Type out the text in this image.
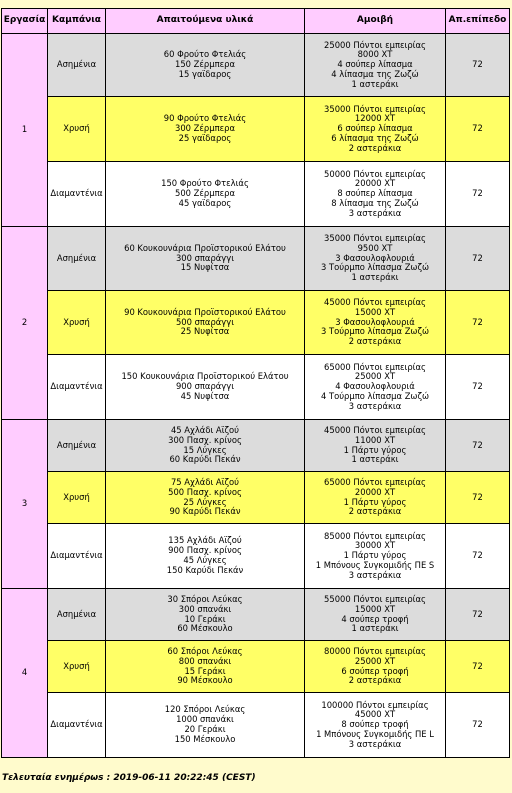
Εργασία	Καμπάνια	Απαιτούμενα υλικά	Αμοιβή	Απ.επίπεδο
1	Ασημένια	60 Φρούτο Φτελιάς
150 Ζέρμπερα
15 γαϊδαρος	25000 Πόντοι εμπειρίας
8000 ΧΤ
4 σούπερ λίπασμα
4 λίπασμα της Ζωζώ
1 αστεράκι	72
	Χρυσή	90 Φρούτο Φτελιάς
300 Ζέρμπερα
25 γαϊδαρος	35000 Πόντοι εμπειρίας
12000 ΧΤ
6 σούπερ λίπασμα
6 λίπασμα της Ζωζώ
2 αστεράκια	72
	Διαμαντένια	150 Φρούτο Φτελιάς
500 Ζέρμπερα
45 γαϊδαρος	50000 Πόντοι εμπειρίας
20000 ΧΤ
8 σούπερ λίπασμα
8 λίπασμα της Ζωζώ
3 αστεράκια	72
2	Ασημένια	60 Κουκουνάρια Προϊστορικού Ελάτου
300 σπαράγγι
15 Νυφίτσα	35000 Πόντοι εμπειρίας
9500 ΧΤ
3 Φασουλοφλουριά
3 Τούρμπο λίπασμα Ζωζώ
1 αστεράκι	72
	Χρυσή	90 Κουκουνάρια Προϊστορικού Ελάτου
500 σπαράγγι
25 Νυφίτσα	45000 Πόντοι εμπειρίας
15000 ΧΤ
3 Φασουλοφλουριά
3 Τούρμπο λίπασμα Ζωζώ
2 αστεράκια	72
	Διαμαντένια	150 Κουκουνάρια Προϊστορικού Ελάτου
900 σπαράγγι
45 Νυφίτσα	65000 Πόντοι εμπειρίας
25000 ΧΤ
4 Φασουλοφλουριά
4 Τούρμπο λίπασμα Ζωζώ
3 αστεράκια	72
3	Ασημένια	45 Αχλάδι Αϊζού
300 Πασχ. κρίνος
15 Λύγκες
60 Καρύδι Πεκάν	45000 Πόντοι εμπειρίας
11000 ΧΤ
1 Πάρτυ γύρος
1 αστεράκι	72
	Χρυσή	75 Αχλάδι Αϊζού
500 Πασχ. κρίνος
25 Λύγκες
90 Καρύδι Πεκάν	65000 Πόντοι εμπειρίας
20000 ΧΤ
1 Πάρτυ γύρος
2 αστεράκια	72
	Διαμαντένια	135 Αχλάδι Αϊζού
900 Πασχ. κρίνος
45 Λύγκες
150 Καρύδι Πεκάν	85000 Πόντοι εμπειρίας
30000 ΧΤ
1 Πάρτυ γύρος
1 Μπόνους Συγκομιδής ΠΕ S
3 αστεράκια	72
4	Ασημένια	30 Σπόροι Λεύκας
300 σπανάκι
10 Γεράκι
60 Μέσκουλο	55000 Πόντοι εμπειρίας
15000 ΧΤ
4 σούπερ τροφή
1 αστεράκι	72
	Χρυσή	60 Σπόροι Λεύκας
800 σπανάκι
15 Γεράκι
90 Μέσκουλο	80000 Πόντοι εμπειρίας
25000 ΧΤ
6 σούπερ τροφή
2 αστεράκια	72
	Διαμαντένια	120 Σπόροι Λεύκας
1000 σπανάκι
20 Γεράκι
150 Μέσκουλο	100000 Πόντοι εμπειρίας
45000 ΧΤ
8 σούπερ τροφή
1 Μπόνους Συγκομιδής ΠΕ L
3 αστεράκια	72
Τελευταία ενημέρωs : 2019-06-11 20:22:45 (CEST)
